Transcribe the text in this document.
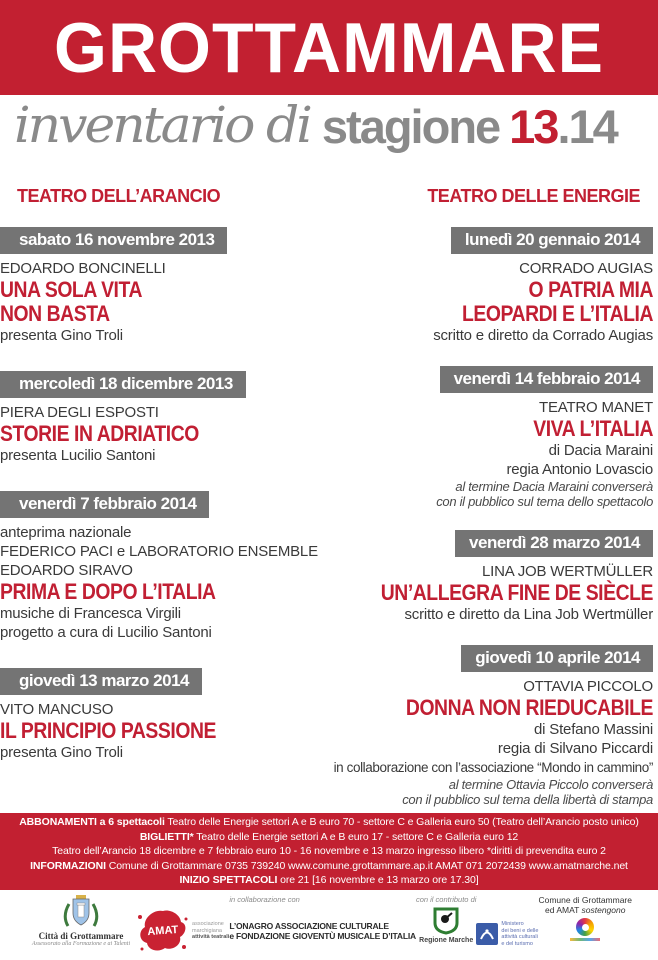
GROTTAMMARE
inventario di stagione 13.14
TEATRO DELL’ARANCIO	TEATRO DELLE ENERGIE
sabato 16 novembre 2013
EDOARDO BONCINELLI
UNA SOLA VITA
NON BASTA
presenta Gino Troli
mercoledì 18 dicembre 2013
PIERA DEGLI ESPOSTI
STORIE IN ADRIATICO
presenta Lucilio Santoni
venerdì 7 febbraio 2014
anteprima nazionale
FEDERICO PACI e LABORATORIO ENSEMBLE
EDOARDO SIRAVO
PRIMA E DOPO L’ITALIA
musiche di Francesca Virgili
progetto a cura di Lucilio Santoni
giovedì 13 marzo 2014
VITO MANCUSO
IL PRINCIPIO PASSIONE
presenta Gino Troli
lunedì 20 gennaio 2014
CORRADO AUGIAS
O PATRIA MIA
LEOPARDI E L’ITALIA
scritto e diretto da Corrado Augias
venerdì 14 febbraio 2014
TEATRO MANET
VIVA L’ITALIA
di Dacia Maraini
regia Antonio Lovascio
al termine Dacia Maraini converserà
con il pubblico sul tema dello spettacolo
venerdì 28 marzo 2014
LINA JOB WERTMÜLLER
UN’ALLEGRA FINE DE SIÈCLE
scritto e diretto da Lina Job Wertmüller
giovedì 10 aprile 2014
OTTAVIA PICCOLO
DONNA NON RIEDUCABILE
di Stefano Massini
regia di Silvano Piccardi
in collaborazione con l’associazione “Mondo in cammino”
al termine Ottavia Piccolo converserà
con il pubblico sul tema della libertà di stampa
ABBONAMENTI a 6 spettacoli Teatro delle Energie settori A e B euro 70 - settore C e Galleria euro 50 (Teatro dell’Arancio posto unico)
BIGLIETTI* Teatro delle Energie settori A e B euro 17 - settore C e Galleria euro 12
Teatro dell’Arancio 18 dicembre e 7 febbraio euro 10 - 16 novembre e 13 marzo ingresso libero *diritti di prevendita euro 2
INFORMAZIONI Comune di Grottammare 0735 739240 www.comune.grottammare.ap.it AMAT 071 2072439 www.amatmarche.net
INIZIO SPETTACOLI ore 21 [16 novembre e 13 marzo ore 17.30]
Città di Grottammare
Assessorato alla Formazione e ai Talenti
AMAT associazione
marchigiana
attività teatrali
in collaborazione con
L’ONAGRO ASSOCIAZIONE CULTURALE
e FONDAZIONE GIOVENTÙ MUSICALE D’ITALIA
con il contributo di
Regione Marche
Ministero
dei beni e delle
attività culturali
e del turismo
Comune di Grottammare
ed AMAT sostengono
